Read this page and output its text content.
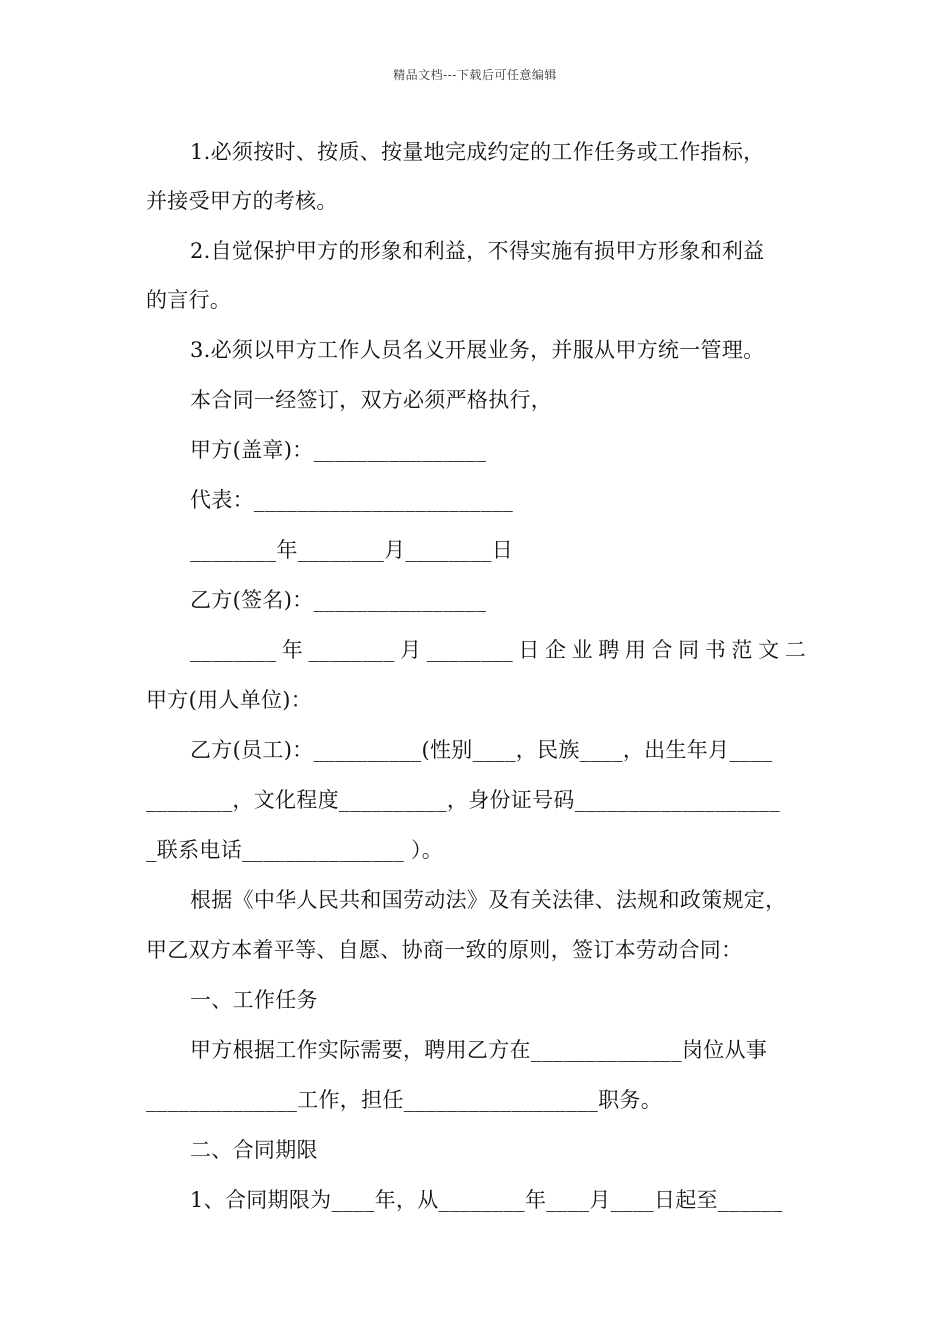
精品文档---下载后可任意编辑
1.必须按时、按质、按量地完成约定的工作任务或工作指标，
并接受甲方的考核。
2.自觉保护甲方的形象和利益，不得实施有损甲方形象和利益
的言行。
3.必须以甲方工作人员名义开展业务，并服从甲方统一管理。
本合同一经签订，双方必须严格执行，
甲方(盖章)：________________
代表：________________________
________年________月________日
乙方(签名)：________________
________年________月________日企业聘用合同书范文二
甲方(用人单位)：
乙方(员工)：__________(性别____，民族____，出生年月____
________，文化程度__________，身份证号码___________________
_联系电话_______________ ）。
根据《中华人民共和国劳动法》及有关法律、法规和政策规定，
甲乙双方本着平等、自愿、协商一致的原则，签订本劳动合同：
一、工作任务
甲方根据工作实际需要，聘用乙方在______________岗位从事
______________工作，担任__________________职务。
二、合同期限
1、合同期限为____年，从________年____月____日起至______
